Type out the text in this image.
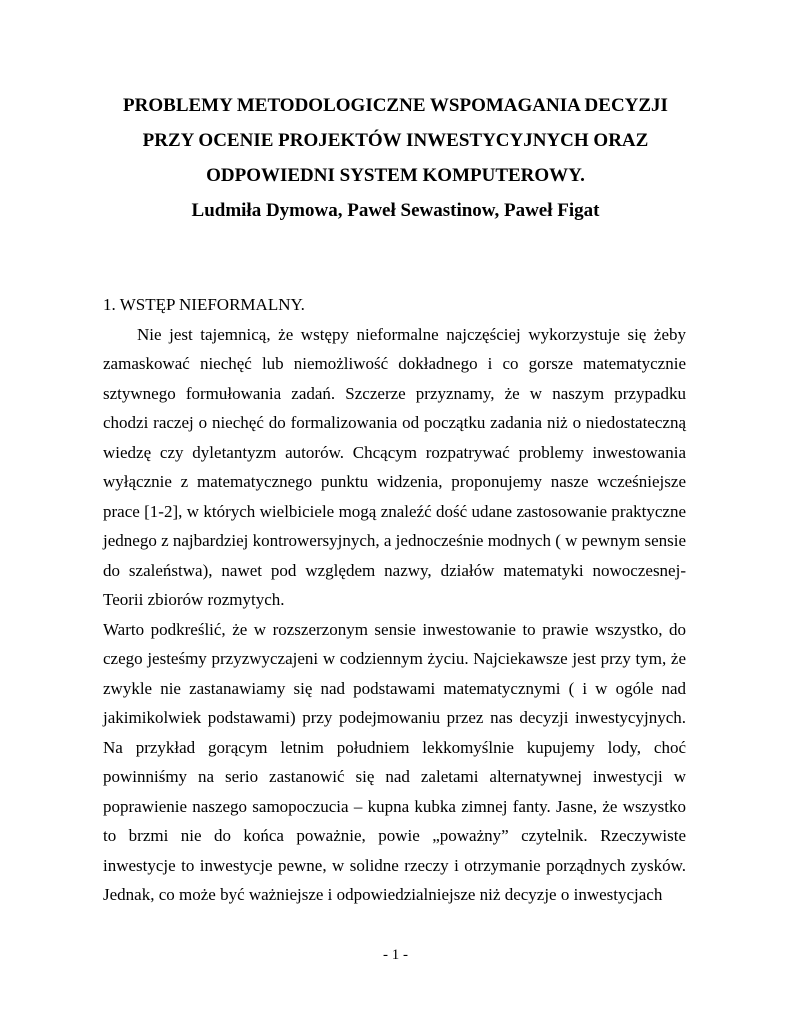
PROBLEMY METODOLOGICZNE WSPOMAGANIA DECYZJI

PRZY OCENIE PROJEKTÓW INWESTYCYJNYCH ORAZ

ODPOWIEDNI SYSTEM KOMPUTEROWY.

Ludmiła Dymowa, Paweł Sewastinow, Paweł Figat

1. WSTĘP NIEFORMALNY.

Nie jest tajemnicą, że wstępy nieformalne najczęściej wykorzystuje się żeby zamaskować niechęć lub niemożliwość dokładnego i co gorsze matematycznie sztywnego formułowania zadań. Szczerze przyznamy, że w naszym przypadku chodzi raczej o niechęć do formalizowania od początku zadania niż o niedostateczną wiedzę czy dyletantyzm autorów. Chcącym rozpatrywać problemy inwestowania wyłącznie z matematycznego punktu widzenia, proponujemy nasze wcześniejsze prace [1-2], w których wielbiciele mogą znaleźć dość udane zastosowanie praktyczne jednego z najbardziej kontrowersyjnych, a jednocześnie modnych ( w pewnym sensie do szaleństwa), nawet pod względem nazwy, działów matematyki nowoczesnej-Teorii zbiorów rozmytych.

Warto podkreślić, że w rozszerzonym sensie inwestowanie to prawie wszystko, do czego jesteśmy przyzwyczajeni w codziennym życiu. Najciekawsze jest przy tym, że zwykle nie zastanawiamy się nad podstawami matematycznymi ( i w ogóle nad jakimikolwiek podstawami) przy podejmowaniu przez nas decyzji inwestycyjnych. Na przykład gorącym letnim południem lekkomyślnie kupujemy lody, choć powinniśmy na serio zastanowić się nad zaletami alternatywnej inwestycji w poprawienie naszego samopoczucia – kupna kubka zimnej fanty. Jasne, że wszystko to brzmi nie do końca poważnie, powie „poważny” czytelnik. Rzeczywiste inwestycje to inwestycje pewne, w solidne rzeczy i otrzymanie porządnych zysków. Jednak, co może być ważniejsze i odpowiedzialniejsze niż decyzje o inwestycjach

- 1 -
